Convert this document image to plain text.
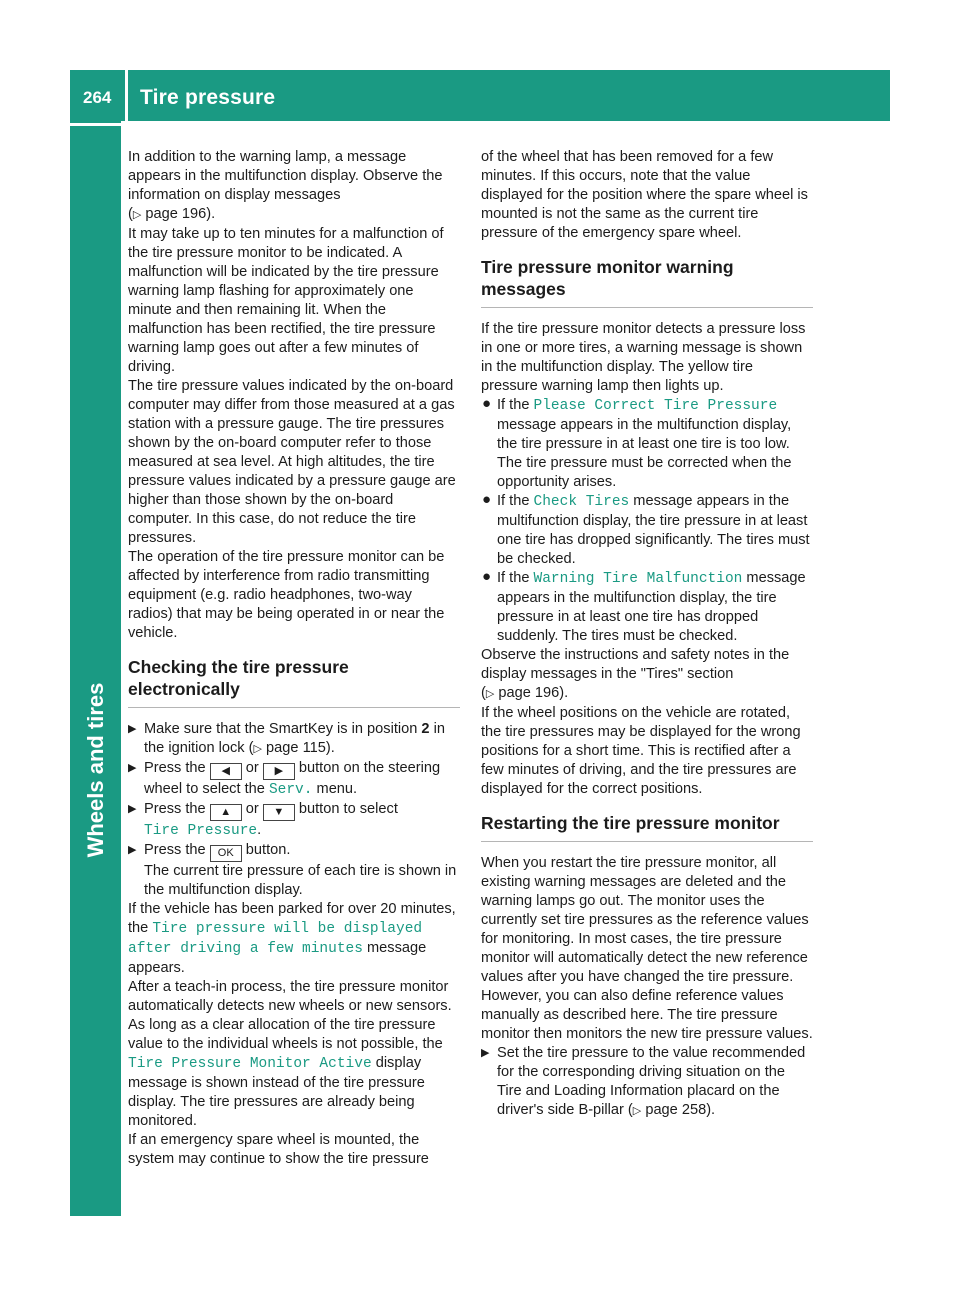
264 Tire pressure
Wheels and tires

In addition to the warning lamp, a message appears in the multifunction display. Observe the information on display messages
(▷ page 196).

It may take up to ten minutes for a malfunction of the tire pressure monitor to be indicated. A malfunction will be indicated by the tire pressure warning lamp flashing for approximately one minute and then remaining lit. When the malfunction has been rectified, the tire pressure warning lamp goes out after a few minutes of driving.

The tire pressure values indicated by the on-board computer may differ from those measured at a gas station with a pressure gauge. The tire pressures shown by the on-board computer refer to those measured at sea level. At high altitudes, the tire pressure values indicated by a pressure gauge are higher than those shown by the on-board computer. In this case, do not reduce the tire pressures.

The operation of the tire pressure monitor can be affected by interference from radio transmitting equipment (e.g. radio headphones, two-way radios) that may be being operated in or near the vehicle.

Checking the tire pressure electronically
▶ Make sure that the SmartKey is in position 2 in the ignition lock (▷ page 115).
▶ Press the ◀ or ▶ button on the steering wheel to select the Serv. menu.
▶ Press the ▲ or ▼ button to select
Tire Pressure.
▶ Press the OK button.
The current tire pressure of each tire is shown in the multifunction display.

If the vehicle has been parked for over 20 minutes, the Tire pressure will be displayed after driving a few minutes message appears.

After a teach-in process, the tire pressure monitor automatically detects new wheels or new sensors. As long as a clear allocation of the tire pressure value to the individual wheels is not possible, the Tire Pressure Monitor Active display message is shown instead of the tire pressure display. The tire pressures are already being monitored.

If an emergency spare wheel is mounted, the system may continue to show the tire pressure

of the wheel that has been removed for a few minutes. If this occurs, note that the value displayed for the position where the spare wheel is mounted is not the same as the current tire pressure of the emergency spare wheel.

Tire pressure monitor warning messages

If the tire pressure monitor detects a pressure loss in one or more tires, a warning message is shown in the multifunction display. The yellow tire pressure warning lamp then lights up.

● If the Please Correct Tire Pressure message appears in the multifunction display, the tire pressure in at least one tire is too low. The tire pressure must be corrected when the opportunity arises.
● If the Check Tires message appears in the multifunction display, the tire pressure in at least one tire has dropped significantly. The tires must be checked.
● If the Warning Tire Malfunction message appears in the multifunction display, the tire pressure in at least one tire has dropped suddenly. The tires must be checked.

Observe the instructions and safety notes in the display messages in the "Tires" section
(▷ page 196).

If the wheel positions on the vehicle are rotated, the tire pressures may be displayed for the wrong positions for a short time. This is rectified after a few minutes of driving, and the tire pressures are displayed for the correct positions.

Restarting the tire pressure monitor

When you restart the tire pressure monitor, all existing warning messages are deleted and the warning lamps go out. The monitor uses the currently set tire pressures as the reference values for monitoring. In most cases, the tire pressure monitor will automatically detect the new reference values after you have changed the tire pressure. However, you can also define reference values manually as described here. The tire pressure monitor then monitors the new tire pressure values.

▶ Set the tire pressure to the value recommended for the corresponding driving situation on the Tire and Loading Information placard on the driver's side B-pillar (▷ page 258).
